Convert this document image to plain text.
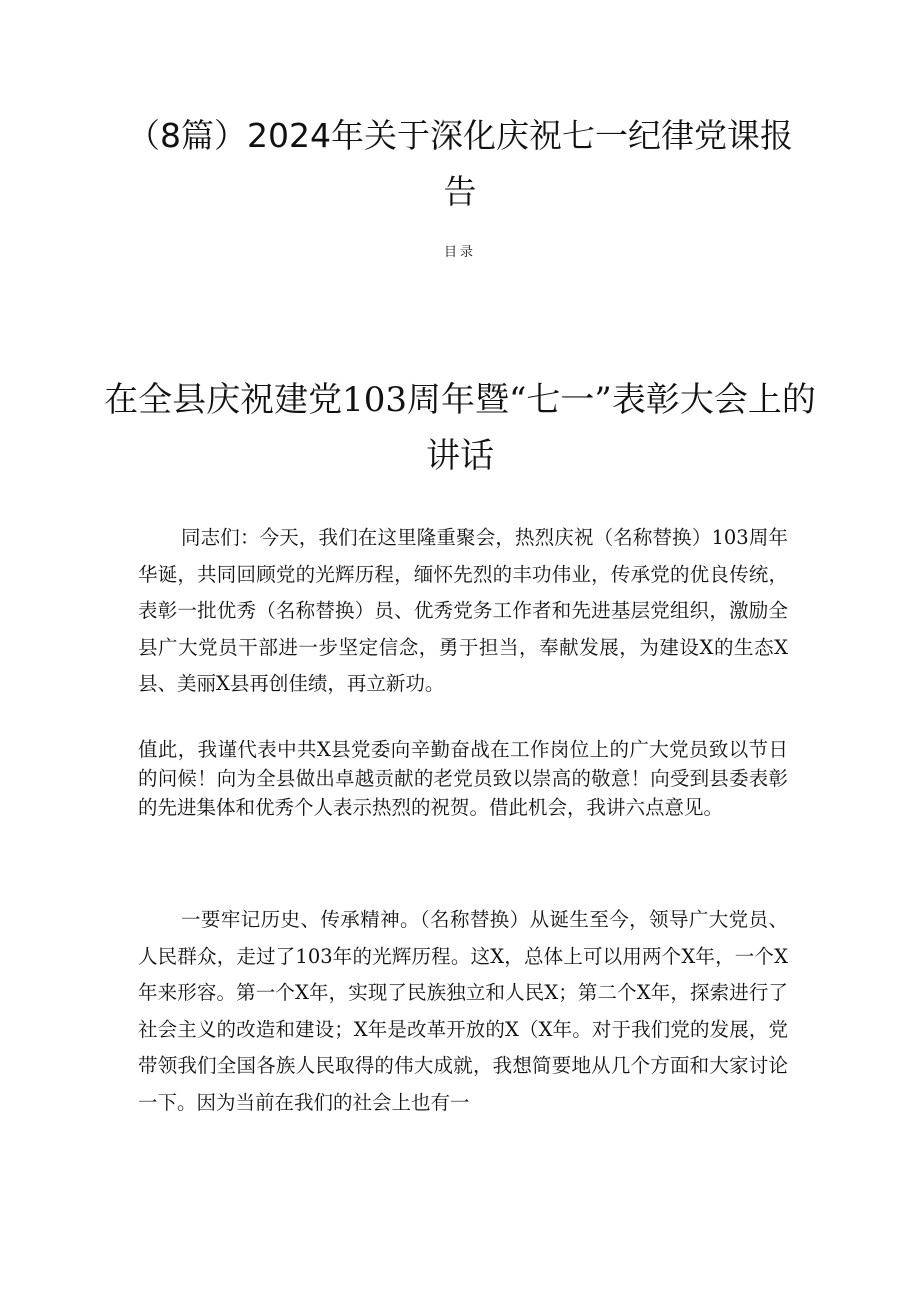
（8篇）2024年关于深化庆祝七一纪律党课报告
目录
在全县庆祝建党103周年暨“七一”表彰大会上的讲话

同志们：今天，我们在这里隆重聚会，热烈庆祝（名称替换）103周年华诞，共同回顾党的光辉历程，缅怀先烈的丰功伟业，传承党的优良传统，表彰一批优秀（名称替换）员、优秀党务工作者和先进基层党组织，激励全县广大党员干部进一步坚定信念，勇于担当，奉献发展，为建设X的生态X县、美丽X县再创佳绩，再立新功。

值此，我谨代表中共X县党委向辛勤奋战在工作岗位上的广大党员致以节日的问候！向为全县做出卓越贡献的老党员致以崇高的敬意！向受到县委表彰的先进集体和优秀个人表示热烈的祝贺。借此机会，我讲六点意见。

一要牢记历史、传承精神。（名称替换）从诞生至今，领导广大党员、人民群众，走过了103年的光辉历程。这X，总体上可以用两个X年，一个X年来形容。第一个X年，实现了民族独立和人民X；第二个X年，探索进行了社会主义的改造和建设；X年是改革开放的X（X年。对于我们党的发展，党带领我们全国各族人民取得的伟大成就，我想简要地从几个方面和大家讨论一下。因为当前在我们的社会上也有一
